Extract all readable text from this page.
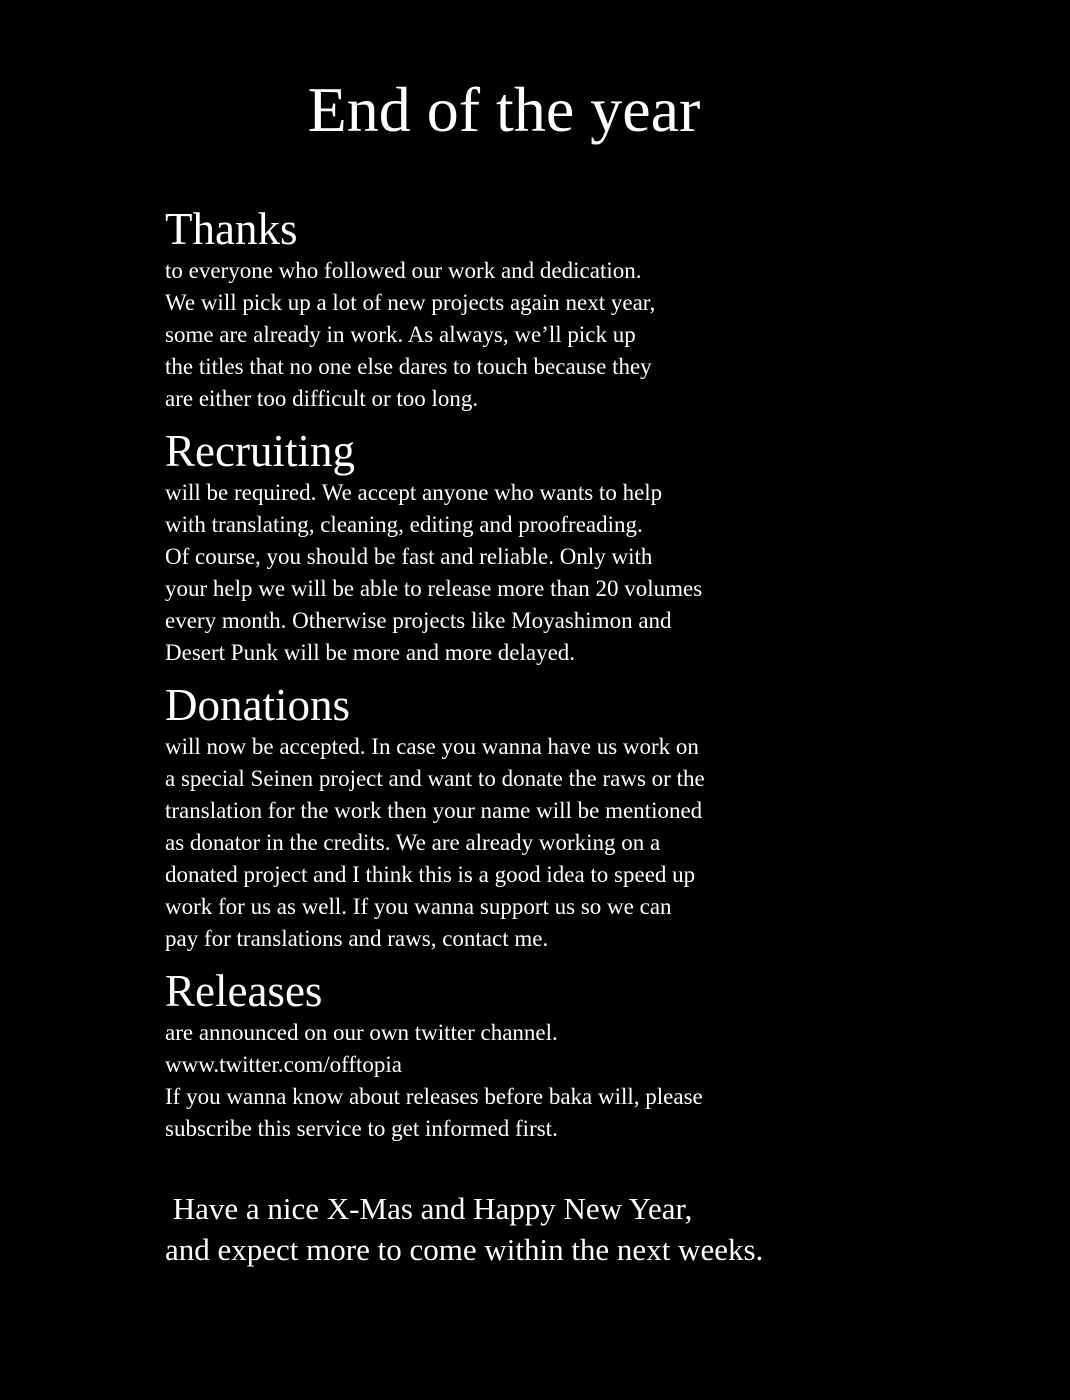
End of the year
Thanks
to everyone who followed our work and dedication.
We will pick up a lot of new projects again next year,
some are already in work. As always, we’ll pick up
the titles that no one else dares to touch because they
are either too difficult or too long.
Recruiting
will be required. We accept anyone who wants to help
with translating, cleaning, editing and proofreading.
Of course, you should be fast and reliable. Only with
your help we will be able to release more than 20 volumes
every month. Otherwise projects like Moyashimon and
Desert Punk will be more and more delayed.
Donations
will now be accepted. In case you wanna have us work on
a special Seinen project and want to donate the raws or the
translation for the work then your name will be mentioned
as donator in the credits. We are already working on a
donated project and I think this is a good idea to speed up
work for us as well. If you wanna support us so we can
pay for translations and raws, contact me.
Releases
are announced on our own twitter channel.
www.twitter.com/offtopia
If you wanna know about releases before baka will, please
subscribe this service to get informed first.
Have a nice X-Mas and Happy New Year,
and expect more to come within the next weeks.
